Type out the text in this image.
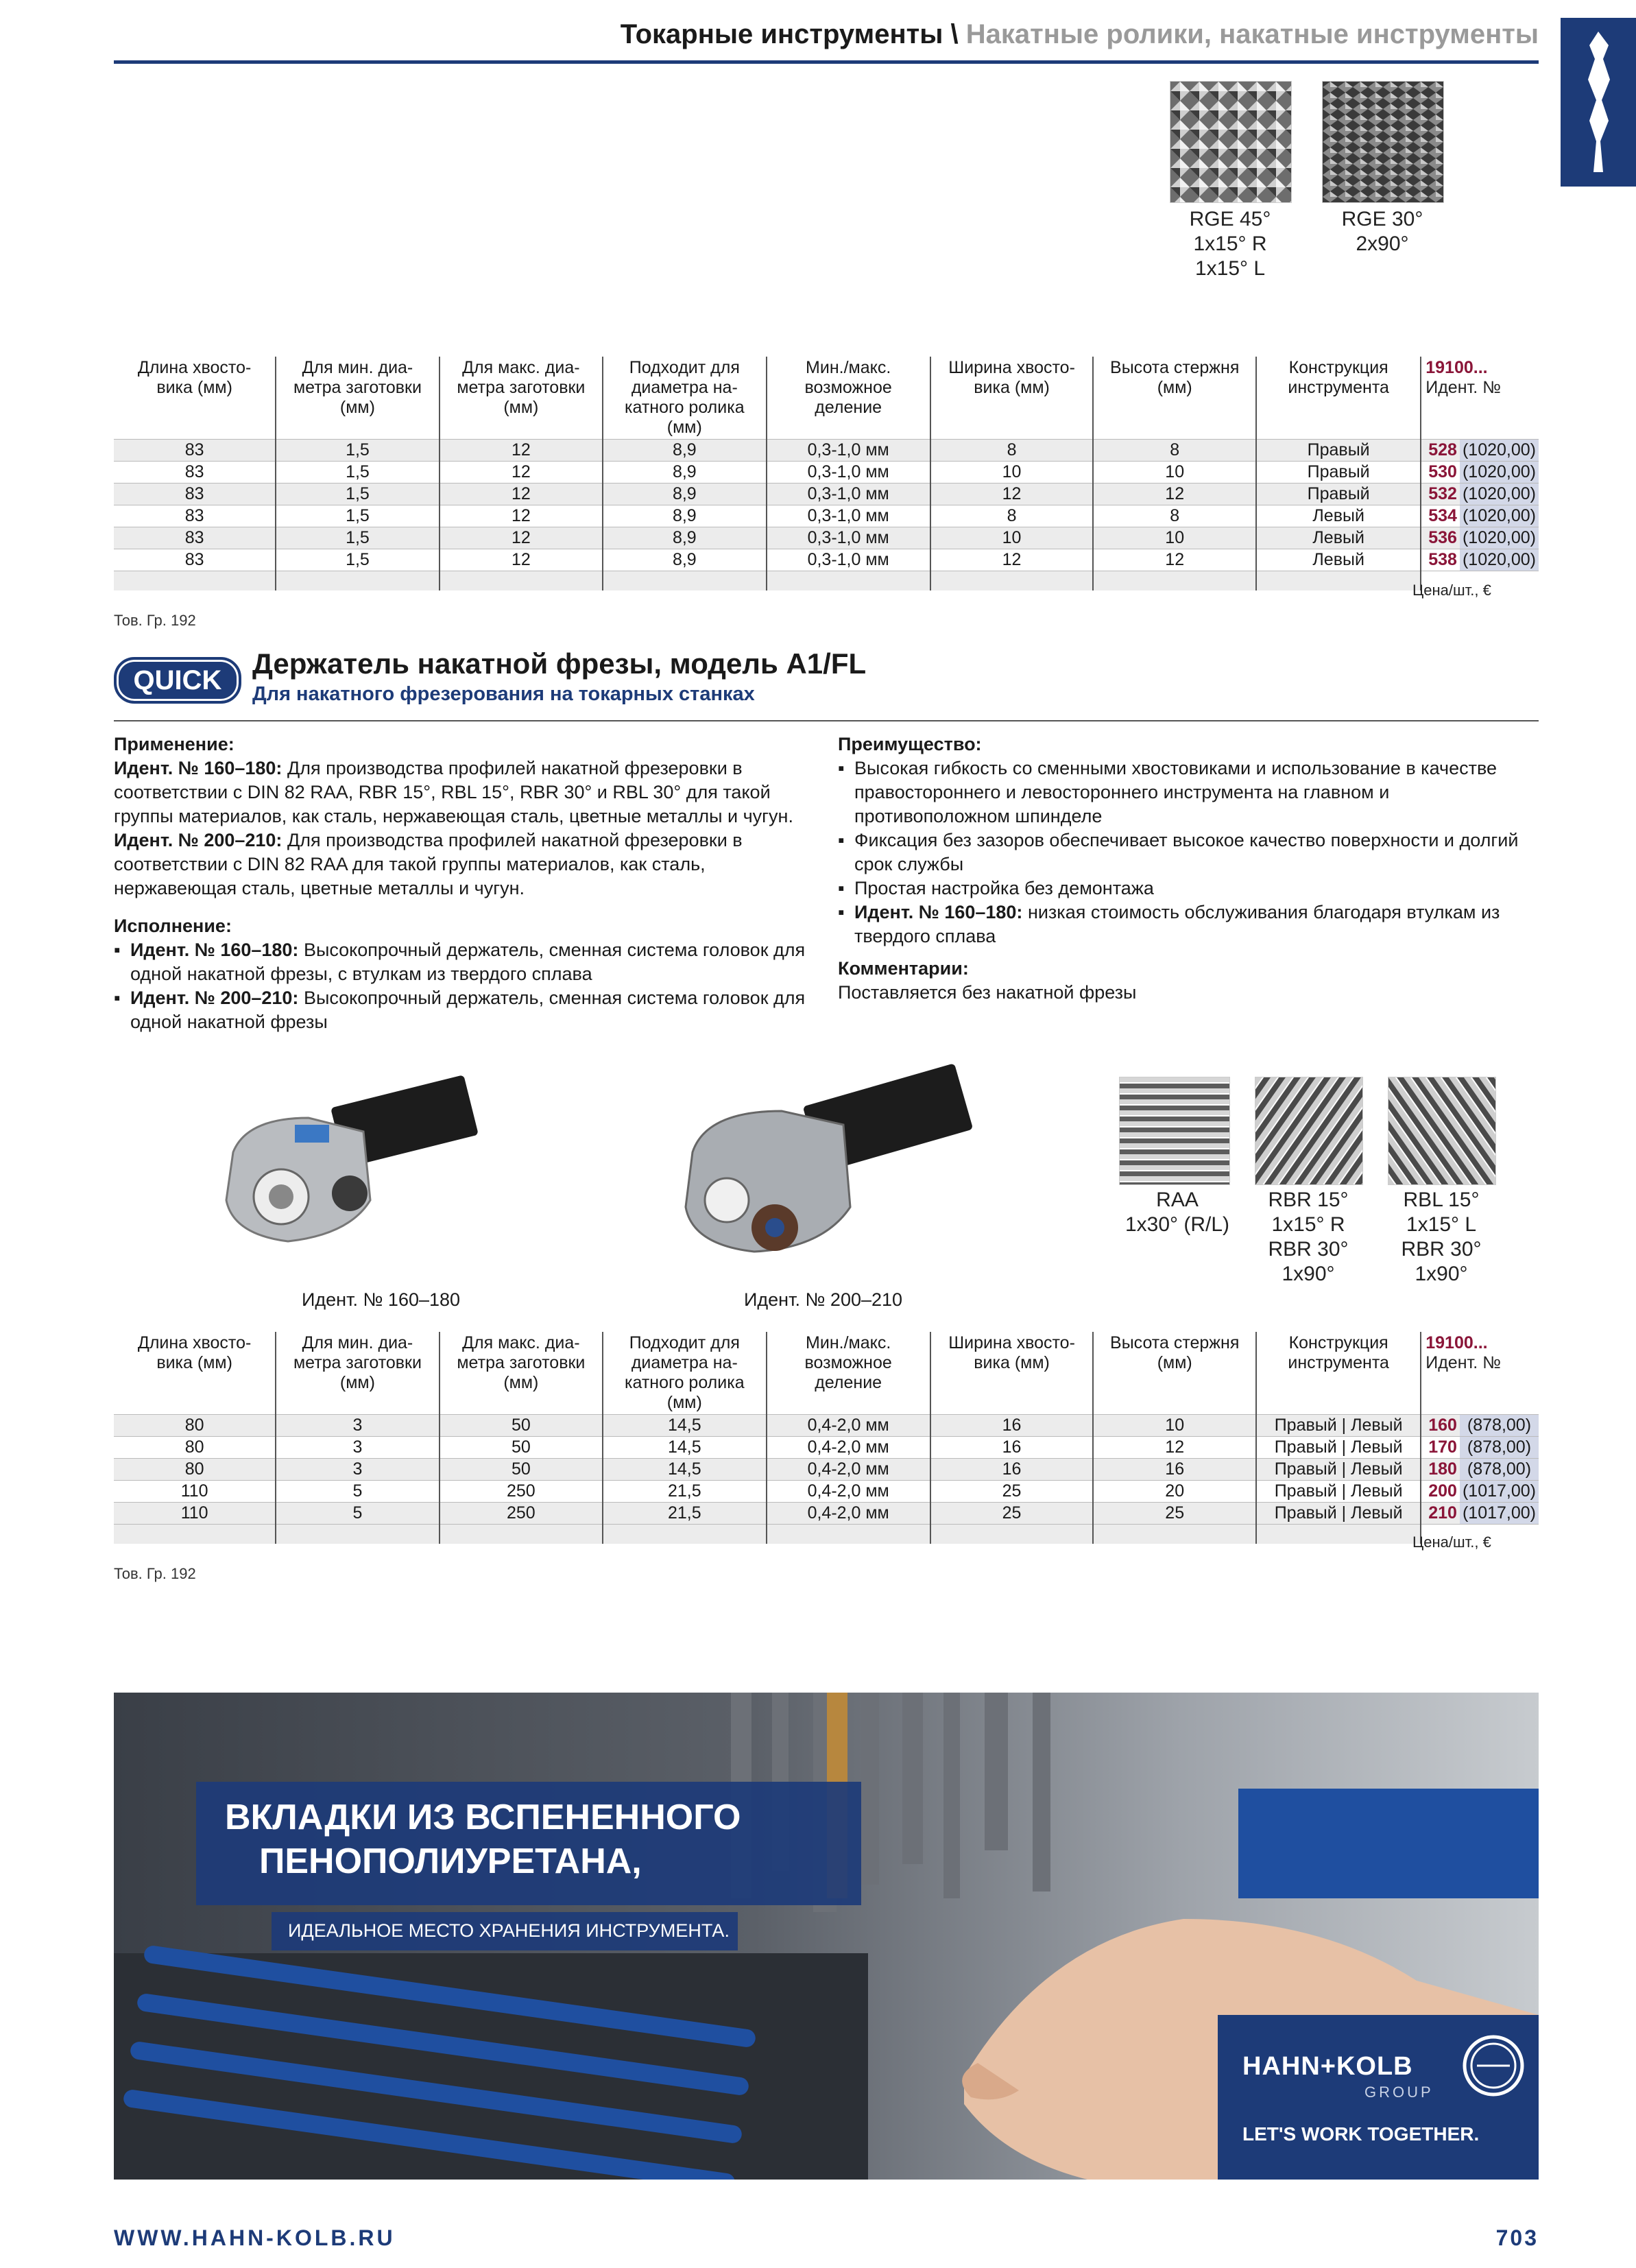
Токарные инструменты \ Накатные ролики, накатные инструменты
RGE 45°
1x15° R
1x15° L
RGE 30°
2x90°
Длина хвосто-
вика (мм)	Для мин. диа-
метра заготовки
(мм)	Для макс. диа-
метра заготовки
(мм)	Подходит для
диаметра на-
катного ролика
(мм)	Мин./макс.
возможное
деление	Ширина хвосто-
вика (мм)	Высота стержня
(мм)	Конструкция
инструмента	19100...
Идент. №	

83	1,5	12	8,9	0,3-1,0 мм	8	8	Правый	528	(1020,00)
83	1,5	12	8,9	0,3-1,0 мм	10	10	Правый	530	(1020,00)
83	1,5	12	8,9	0,3-1,0 мм	12	12	Правый	532	(1020,00)
83	1,5	12	8,9	0,3-1,0 мм	8	8	Левый	534	(1020,00)
83	1,5	12	8,9	0,3-1,0 мм	10	10	Левый	536	(1020,00)
83	1,5	12	8,9	0,3-1,0 мм	12	12	Левый	538	(1020,00)

Цена/шт., €
Тов. Гр. 192
QUICK
Держатель накатной фрезы, модель A1/FL
Для накатного фрезерования на токарных станках
Применение:
Идент. № 160–180: Для производства профилей накатной фрезеровки в соответствии с DIN 82 RAA, RBR 15°, RBL 15°, RBR 30° и RBL 30° для такой группы материалов, как сталь, нержавеющая сталь, цветные металлы и чугун.
Идент. № 200–210: Для производства профилей накатной фрезеровки в соответствии с DIN 82 RAA для такой группы материалов, как сталь, нержавеющая сталь, цветные металлы и чугун.
Исполнение:
▪ Идент. № 160–180: Высокопрочный держатель, сменная система головок для одной накатной фрезы, с втулкам из твердого сплава
▪ Идент. № 200–210: Высокопрочный держатель, сменная система головок для одной накатной фрезы
Преимущество:
▪ Высокая гибкость со сменными хвостовиками и использование в качестве правостороннего и левостороннего инструмента на главном и противоположном шпинделе
▪ Фиксация без зазоров обеспечивает высокое качество поверхности и долгий срок службы
▪ Простая настройка без демонтажа
▪ Идент. № 160–180: низкая стоимость обслуживания благодаря втулкам из твердого сплава
Комментарии:
Поставляется без накатной фрезы
Идент. № 160–180	Идент. № 200–210
RAA
1x30° (R/L)
RBR 15°
1x15° R
RBR 30°
1x90°
RBL 15°
1x15° L
RBR 30°
1x90°
Длина хвосто-
вика (мм)	Для мин. диа-
метра заготовки
(мм)	Для макс. диа-
метра заготовки
(мм)	Подходит для
диаметра на-
катного ролика
(мм)	Мин./макс.
возможное
деление	Ширина хвосто-
вика (мм)	Высота стержня
(мм)	Конструкция
инструмента	19100...
Идент. №	

80	3	50	14,5	0,4-2,0 мм	16	10	Правый | Левый	160	(878,00)
80	3	50	14,5	0,4-2,0 мм	16	12	Правый | Левый	170	(878,00)
80	3	50	14,5	0,4-2,0 мм	16	16	Правый | Левый	180	(878,00)
110	5	250	21,5	0,4-2,0 мм	25	20	Правый | Левый	200	(1017,00)
110	5	250	21,5	0,4-2,0 мм	25	25	Правый | Левый	210	(1017,00)

Цена/шт., €
Тов. Гр. 192
ВКЛАДКИ ИЗ ВСПЕНЕННОГО
ПЕНОПОЛИУРЕТАНА,
ИДЕАЛЬНОЕ МЕСТО ХРАНЕНИЯ ИНСТРУМЕНТА.
HAHN+KOLB
GROUP
LET'S WORK TOGETHER.
WWW.HAHN-KOLB.RU	703
